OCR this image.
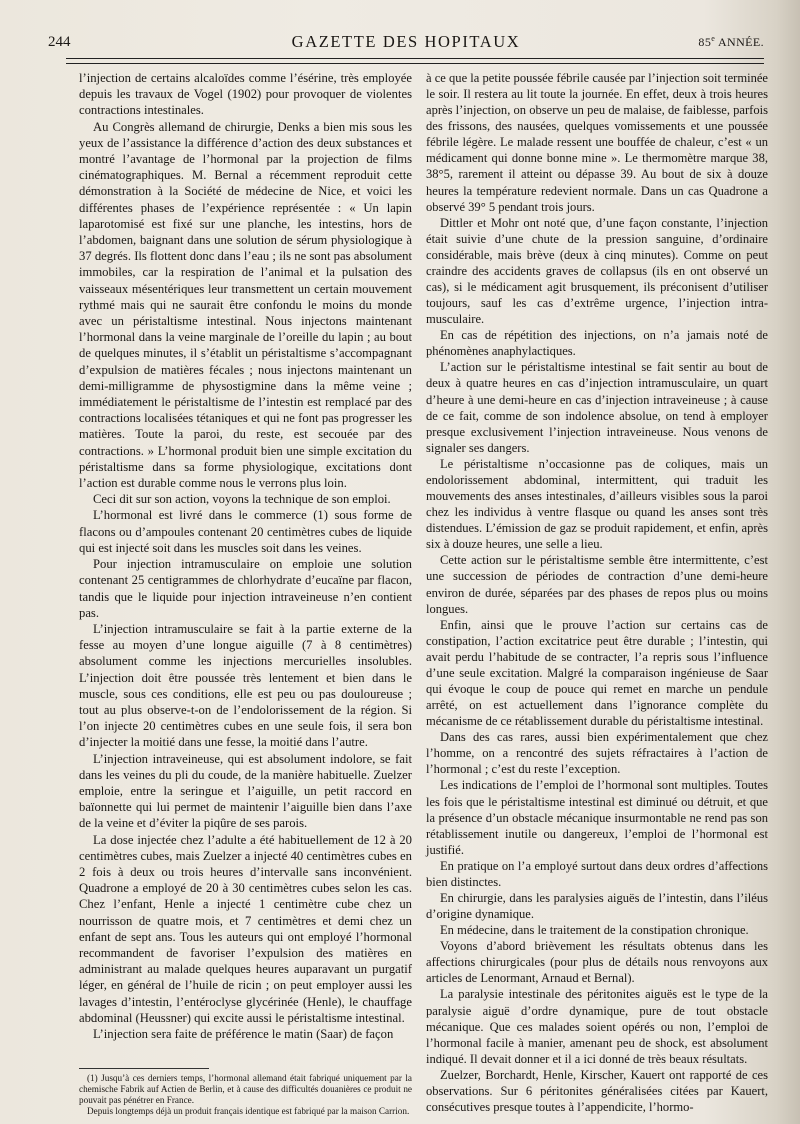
244	GAZETTE DES HOPITAUX	85e ANNÉE.

l’injection de certains alcaloïdes comme l’ésérine, très employée depuis les travaux de Vogel (1902) pour provoquer de violentes contractions intestinales.

Au Congrès allemand de chirurgie, Denks a bien mis sous les yeux de l’assistance la différence d’action des deux substances et montré l’avantage de l’hormonal par la projection de films cinématographiques. M. Bernal a récemment reproduit cette démonstration à la Société de médecine de Nice, et voici les différentes phases de l’expérience représentée : « Un lapin laparotomisé est fixé sur une planche, les intestins, hors de l’abdomen, baignant dans une solution de sérum physiologique à 37 degrés. Ils flottent donc dans l’eau ; ils ne sont pas absolument immobiles, car la respiration de l’animal et la pulsation des vaisseaux mésentériques leur transmettent un certain mouvement rythmé mais qui ne saurait être confondu le moins du monde avec un péristaltisme intestinal. Nous injectons maintenant l’hormonal dans la veine marginale de l’oreille du lapin ; au bout de quelques minutes, il s’établit un péristaltisme s’accompagnant d’expulsion de matières fécales ; nous injectons maintenant un demi-milligramme de physostigmine dans la même veine ; immédiatement le péristaltisme de l’intestin est remplacé par des contractions localisées tétaniques et qui ne font pas progresser les matières. Toute la paroi, du reste, est secouée par des contractions. » L’hormonal produit bien une simple excitation du péristaltisme dans sa forme physiologique, excitations dont l’action est durable comme nous le verrons plus loin.

Ceci dit sur son action, voyons la technique de son emploi.

L’hormonal est livré dans le commerce (1) sous forme de flacons ou d’ampoules contenant 20 centimètres cubes de liquide qui est injecté soit dans les muscles soit dans les veines.

Pour injection intramusculaire on emploie une solution contenant 25 centigrammes de chlorhydrate d’eucaïne par flacon, tandis que le liquide pour injection intraveineuse n’en contient pas.

L’injection intramusculaire se fait à la partie externe de la fesse au moyen d’une longue aiguille (7 à 8 centimètres) absolument comme les injections mercurielles insolubles. L’injection doit être poussée très lentement et bien dans le muscle, sous ces conditions, elle est peu ou pas douloureuse ; tout au plus observe-t-on de l’endolorissement de la région. Si l’on injecte 20 centimètres cubes en une seule fois, il sera bon d’injecter la moitié dans une fesse, la moitié dans l’autre.

L’injection intraveineuse, qui est absolument indolore, se fait dans les veines du pli du coude, de la manière habituelle. Zuelzer emploie, entre la seringue et l’aiguille, un petit raccord en baïonnette qui lui permet de maintenir l’aiguille bien dans l’axe de la veine et d’éviter la piqûre de ses parois.

La dose injectée chez l’adulte a été habituellement de 12 à 20 centimètres cubes, mais Zuelzer a injecté 40 centimètres cubes en 2 fois à deux ou trois heures d’intervalle sans inconvénient. Quadrone a employé de 20 à 30 centimètres cubes selon les cas. Chez l’enfant, Henle a injecté 1 centimètre cube chez un nourrisson de quatre mois, et 7 centimètres et demi chez un enfant de sept ans. Tous les auteurs qui ont employé l’hormonal recommandent de favoriser l’expulsion des matières en administrant au malade quelques heures auparavant un purgatif léger, en général de l’huile de ricin ; on peut employer aussi les lavages d’intestin, l’entéroclyse glycérinée (Henle), le chauffage abdominal (Heussner) qui excite aussi le péristaltisme intestinal.

L’injection sera faite de préférence le matin (Saar) de façon

(1) Jusqu’à ces derniers temps, l’hormonal allemand était fabriqué uniquement par la chemische Fabrik auf Actien de Berlin, et à cause des difficultés douanières ce produit ne pouvait pas pénétrer en France.

Depuis longtemps déjà un produit français identique est fabriqué par la maison Carrion.

à ce que la petite poussée fébrile causée par l’injection soit terminée le soir. Il restera au lit toute la journée. En effet, deux à trois heures après l’injection, on observe un peu de malaise, de faiblesse, parfois des frissons, des nausées, quelques vomissements et une poussée fébrile légère. Le malade ressent une bouffée de chaleur, c’est « un médicament qui donne bonne mine ». Le thermomètre marque 38, 38°5, rarement il atteint ou dépasse 39. Au bout de six à douze heures la température redevient normale. Dans un cas Quadrone a observé 39° 5 pendant trois jours.

Dittler et Mohr ont noté que, d’une façon constante, l’injection était suivie d’une chute de la pression sanguine, d’ordinaire considérable, mais brève (deux à cinq minutes). Comme on peut craindre des accidents graves de collapsus (ils en ont observé un cas), si le médicament agit brusquement, ils préconisent d’utiliser toujours, sauf les cas d’extrême urgence, l’injection intra-musculaire.

En cas de répétition des injections, on n’a jamais noté de phénomènes anaphylactiques.

L’action sur le péristaltisme intestinal se fait sentir au bout de deux à quatre heures en cas d’injection intramusculaire, un quart d’heure à une demi-heure en cas d’injection intraveineuse ; à cause de ce fait, comme de son indolence absolue, on tend à employer presque exclusivement l’injection intraveineuse. Nous venons de signaler ses dangers.

Le péristaltisme n’occasionne pas de coliques, mais un endolorissement abdominal, intermittent, qui traduit les mouvements des anses intestinales, d’ailleurs visibles sous la paroi chez les individus à ventre flasque ou quand les anses sont très distendues. L’émission de gaz se produit rapidement, et enfin, après six à douze heures, une selle a lieu.

Cette action sur le péristaltisme semble être intermittente, c’est une succession de périodes de contraction d’une demi-heure environ de durée, séparées par des phases de repos plus ou moins longues.

Enfin, ainsi que le prouve l’action sur certains cas de constipation, l’action excitatrice peut être durable ; l’intestin, qui avait perdu l’habitude de se contracter, l’a repris sous l’influence d’une seule excitation. Malgré la comparaison ingénieuse de Saar qui évoque le coup de pouce qui remet en marche un pendule arrêté, on est actuellement dans l’ignorance complète du mécanisme de ce rétablissement durable du péristaltisme intestinal.

Dans des cas rares, aussi bien expérimentalement que chez l’homme, on a rencontré des sujets réfractaires à l’action de l’hormonal ; c’est du reste l’exception.

Les indications de l’emploi de l’hormonal sont multiples. Toutes les fois que le péristaltisme intestinal est diminué ou détruit, et que la présence d’un obstacle mécanique insurmontable ne rend pas son rétablissement inutile ou dangereux, l’emploi de l’hormonal est justifié.

En pratique on l’a employé surtout dans deux ordres d’affections bien distinctes.

En chirurgie, dans les paralysies aiguës de l’intestin, dans l’iléus d’origine dynamique.

En médecine, dans le traitement de la constipation chronique.

Voyons d’abord brièvement les résultats obtenus dans les affections chirurgicales (pour plus de détails nous renvoyons aux articles de Lenormant, Arnaud et Bernal).

La paralysie intestinale des péritonites aiguës est le type de la paralysie aiguë d’ordre dynamique, pure de tout obstacle mécanique. Que ces malades soient opérés ou non, l’emploi de l’hormonal facile à manier, amenant peu de shock, est absolument indiqué. Il devait donner et il a ici donné de très beaux résultats.

Zuelzer, Borchardt, Henle, Kirscher, Kauert ont rapporté de ces observations. Sur 6 péritonites généralisées citées par Kauert, consécutives presque toutes à l’appendicite, l’hormo-
